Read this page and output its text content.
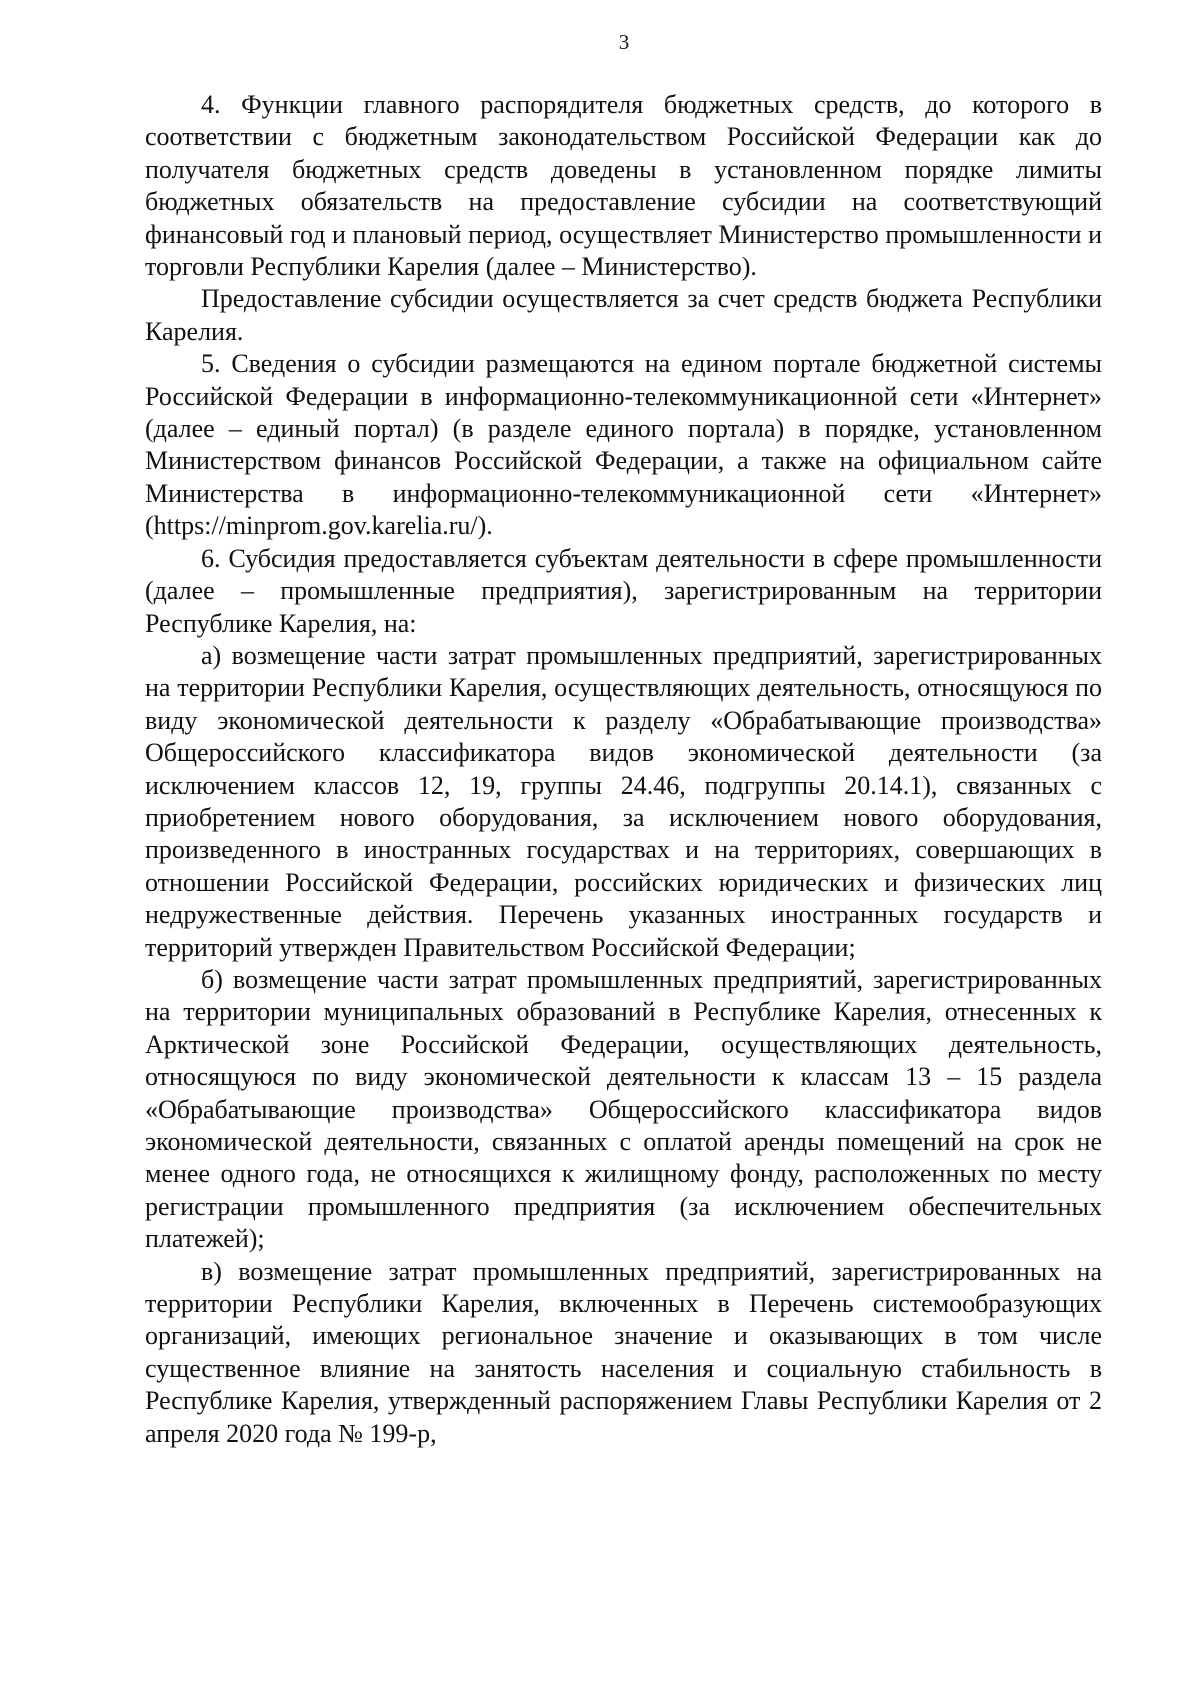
3

4. Функции главного распорядителя бюджетных средств, до которого в соответствии с бюджетным законодательством Российской Федерации как до получателя бюджетных средств доведены в установленном порядке лимиты бюджетных обязательств на предоставление субсидии на соответствующий финансовый год и плановый период, осуществляет Министерство промышленности и торговли Республики Карелия (далее – Министерство).

Предоставление субсидии осуществляется за счет средств бюджета Республики Карелия.

5. Сведения о субсидии размещаются на едином портале бюджетной системы Российской Федерации в информационно-телекоммуникационной сети «Интернет» (далее – единый портал) (в разделе единого портала) в порядке, установленном Министерством финансов Российской Федерации, а также на официальном сайте Министерства в информационно-телекоммуникационной сети «Интернет» (https://minprom.gov.karelia.ru/).

6. Субсидия предоставляется субъектам деятельности в сфере промышленности (далее – промышленные предприятия), зарегистрированным на территории Республике Карелия, на:

а) возмещение части затрат промышленных предприятий, зарегистрированных на территории Республики Карелия, осуществляющих деятельность, относящуюся по виду экономической деятельности к разделу «Обрабатывающие производства» Общероссийского классификатора видов экономической деятельности (за исключением классов 12, 19, группы 24.46, подгруппы 20.14.1), связанных с приобретением нового оборудования, за исключением нового оборудования, произведенного в иностранных государствах и на территориях, совершающих в отношении Российской Федерации, российских юридических и физических лиц недружественные действия. Перечень указанных иностранных государств и территорий утвержден Правительством Российской Федерации;

б) возмещение части затрат промышленных предприятий, зарегистрированных на территории муниципальных образований в Республике Карелия, отнесенных к Арктической зоне Российской Федерации, осуществляющих деятельность, относящуюся по виду экономической деятельности к классам 13 – 15 раздела «Обрабатывающие производства» Общероссийского классификатора видов экономической деятельности, связанных с оплатой аренды помещений на срок не менее одного года, не относящихся к жилищному фонду, расположенных по месту регистрации промышленного предприятия (за исключением обеспечительных платежей);

в) возмещение затрат промышленных предприятий, зарегистрированных на территории Республики Карелия, включенных в Перечень системообразующих организаций, имеющих региональное значение и оказывающих в том числе существенное влияние на занятость населения и социальную стабильность в Республике Карелия, утвержденный распоряжением Главы Республики Карелия от 2 апреля 2020 года № 199-р,
